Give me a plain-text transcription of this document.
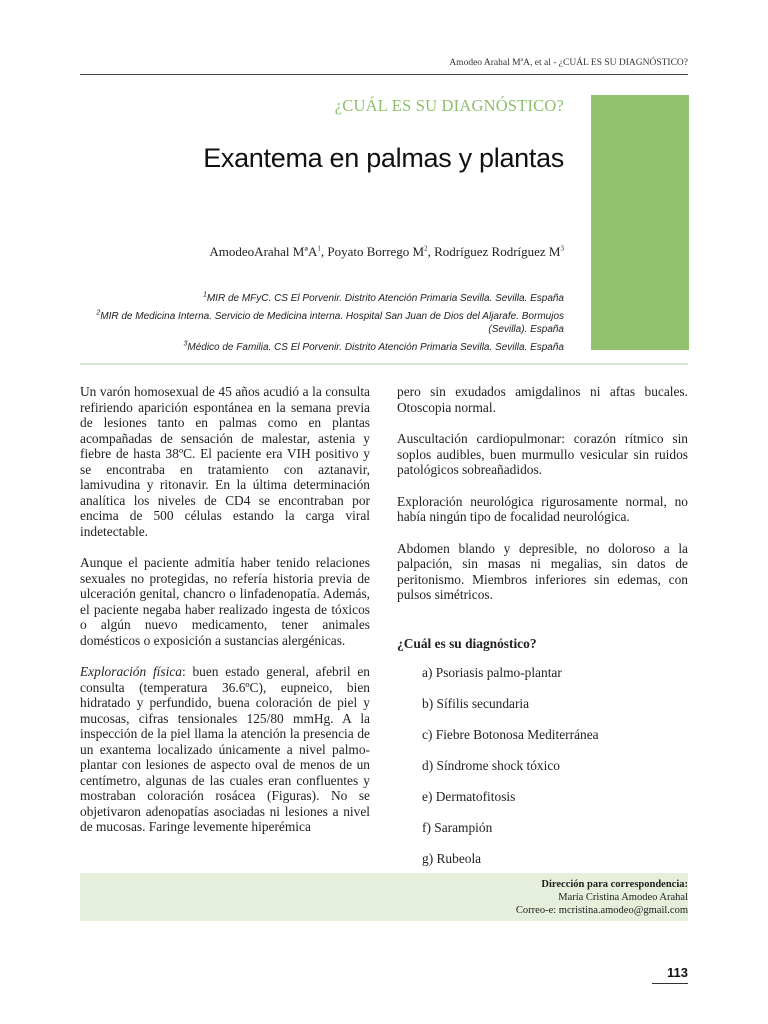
Amodeo Arahal MªA, et al - ¿CUÁL ES SU DIAGNÓSTICO?
¿CUÁL ES SU DIAGNÓSTICO?
Exantema en palmas y plantas
AmodeoArahal MªA$^1$, Poyato Borrego $M^2$, Rodríguez Rodríguez $M^3$
$^1$MIR de MFyC. CS El Porvenir. Distrito Atención Primaria Sevilla. Sevilla. España
$^2$MIR de Medicina Interna. Servicio de Medicina interna. Hospital San Juan de Dios del Aljarafe. Bormujos (Sevilla). España
$^3$Médico de Familia. CS El Porvenir. Distrito Atención Primaria Sevilla. Sevilla. España

Un varón homosexual de 45 años acudió a la consulta refiriendo aparición espontánea en la semana previa de lesiones tanto en palmas como en plantas acompañadas de sensación de malestar, astenia y fiebre de hasta 38ºC. El paciente era VIH positivo y se encontraba en tratamiento con aztanavir, lamivudina y ritonavir. En la última determinación analítica los niveles de CD4 se encontraban por encima de 500 células estando la carga viral indetectable.

Aunque el paciente admitía haber tenido relaciones sexuales no protegidas, no refería historia previa de ulceración genital, chancro o linfadenopatía. Además, el paciente negaba haber realizado ingesta de tóxicos o algún nuevo medicamento, tener animales domésticos o exposición a sustancias alergénicas.

Exploración física: buen estado general, afebril en consulta (temperatura 36.6ºC), eupneico, bien hidratado y perfundido, buena coloración de piel y mucosas, cifras tensionales 125/80 mmHg. A la inspección de la piel llama la atención la presencia de un exantema localizado únicamente a nivel palmo-plantar con lesiones de aspecto oval de menos de un centímetro, algunas de las cuales eran confluentes y mostraban coloración rosácea (Figuras). No se objetivaron adenopatías asociadas ni lesiones a nivel de mucosas. Faringe levemente hiperémica

pero sin exudados amigdalinos ni aftas bucales. Otoscopia normal.

Auscultación cardiopulmonar: corazón rítmico sin soplos audibles, buen murmullo vesicular sin ruidos patológicos sobreañadidos.

Exploración neurológica rigurosamente normal, no había ningún tipo de focalidad neurológica.

Abdomen blando y depresible, no doloroso a la palpación, sin masas ni megalias, sin datos de peritonismo. Miembros inferiores sin edemas, con pulsos simétricos.

¿Cuál es su diagnóstico?
a) Psoriasis palmo-plantar
b) Sífilis secundaria
c) Fiebre Botonosa Mediterránea
d) Síndrome shock tóxico
e) Dermatofitosis
f) Sarampión
g) Rubeola
Dirección para correspondencia:
María Cristina Amodeo Arahal
Correo-e: mcristina.amodeo@gmail.com
113
